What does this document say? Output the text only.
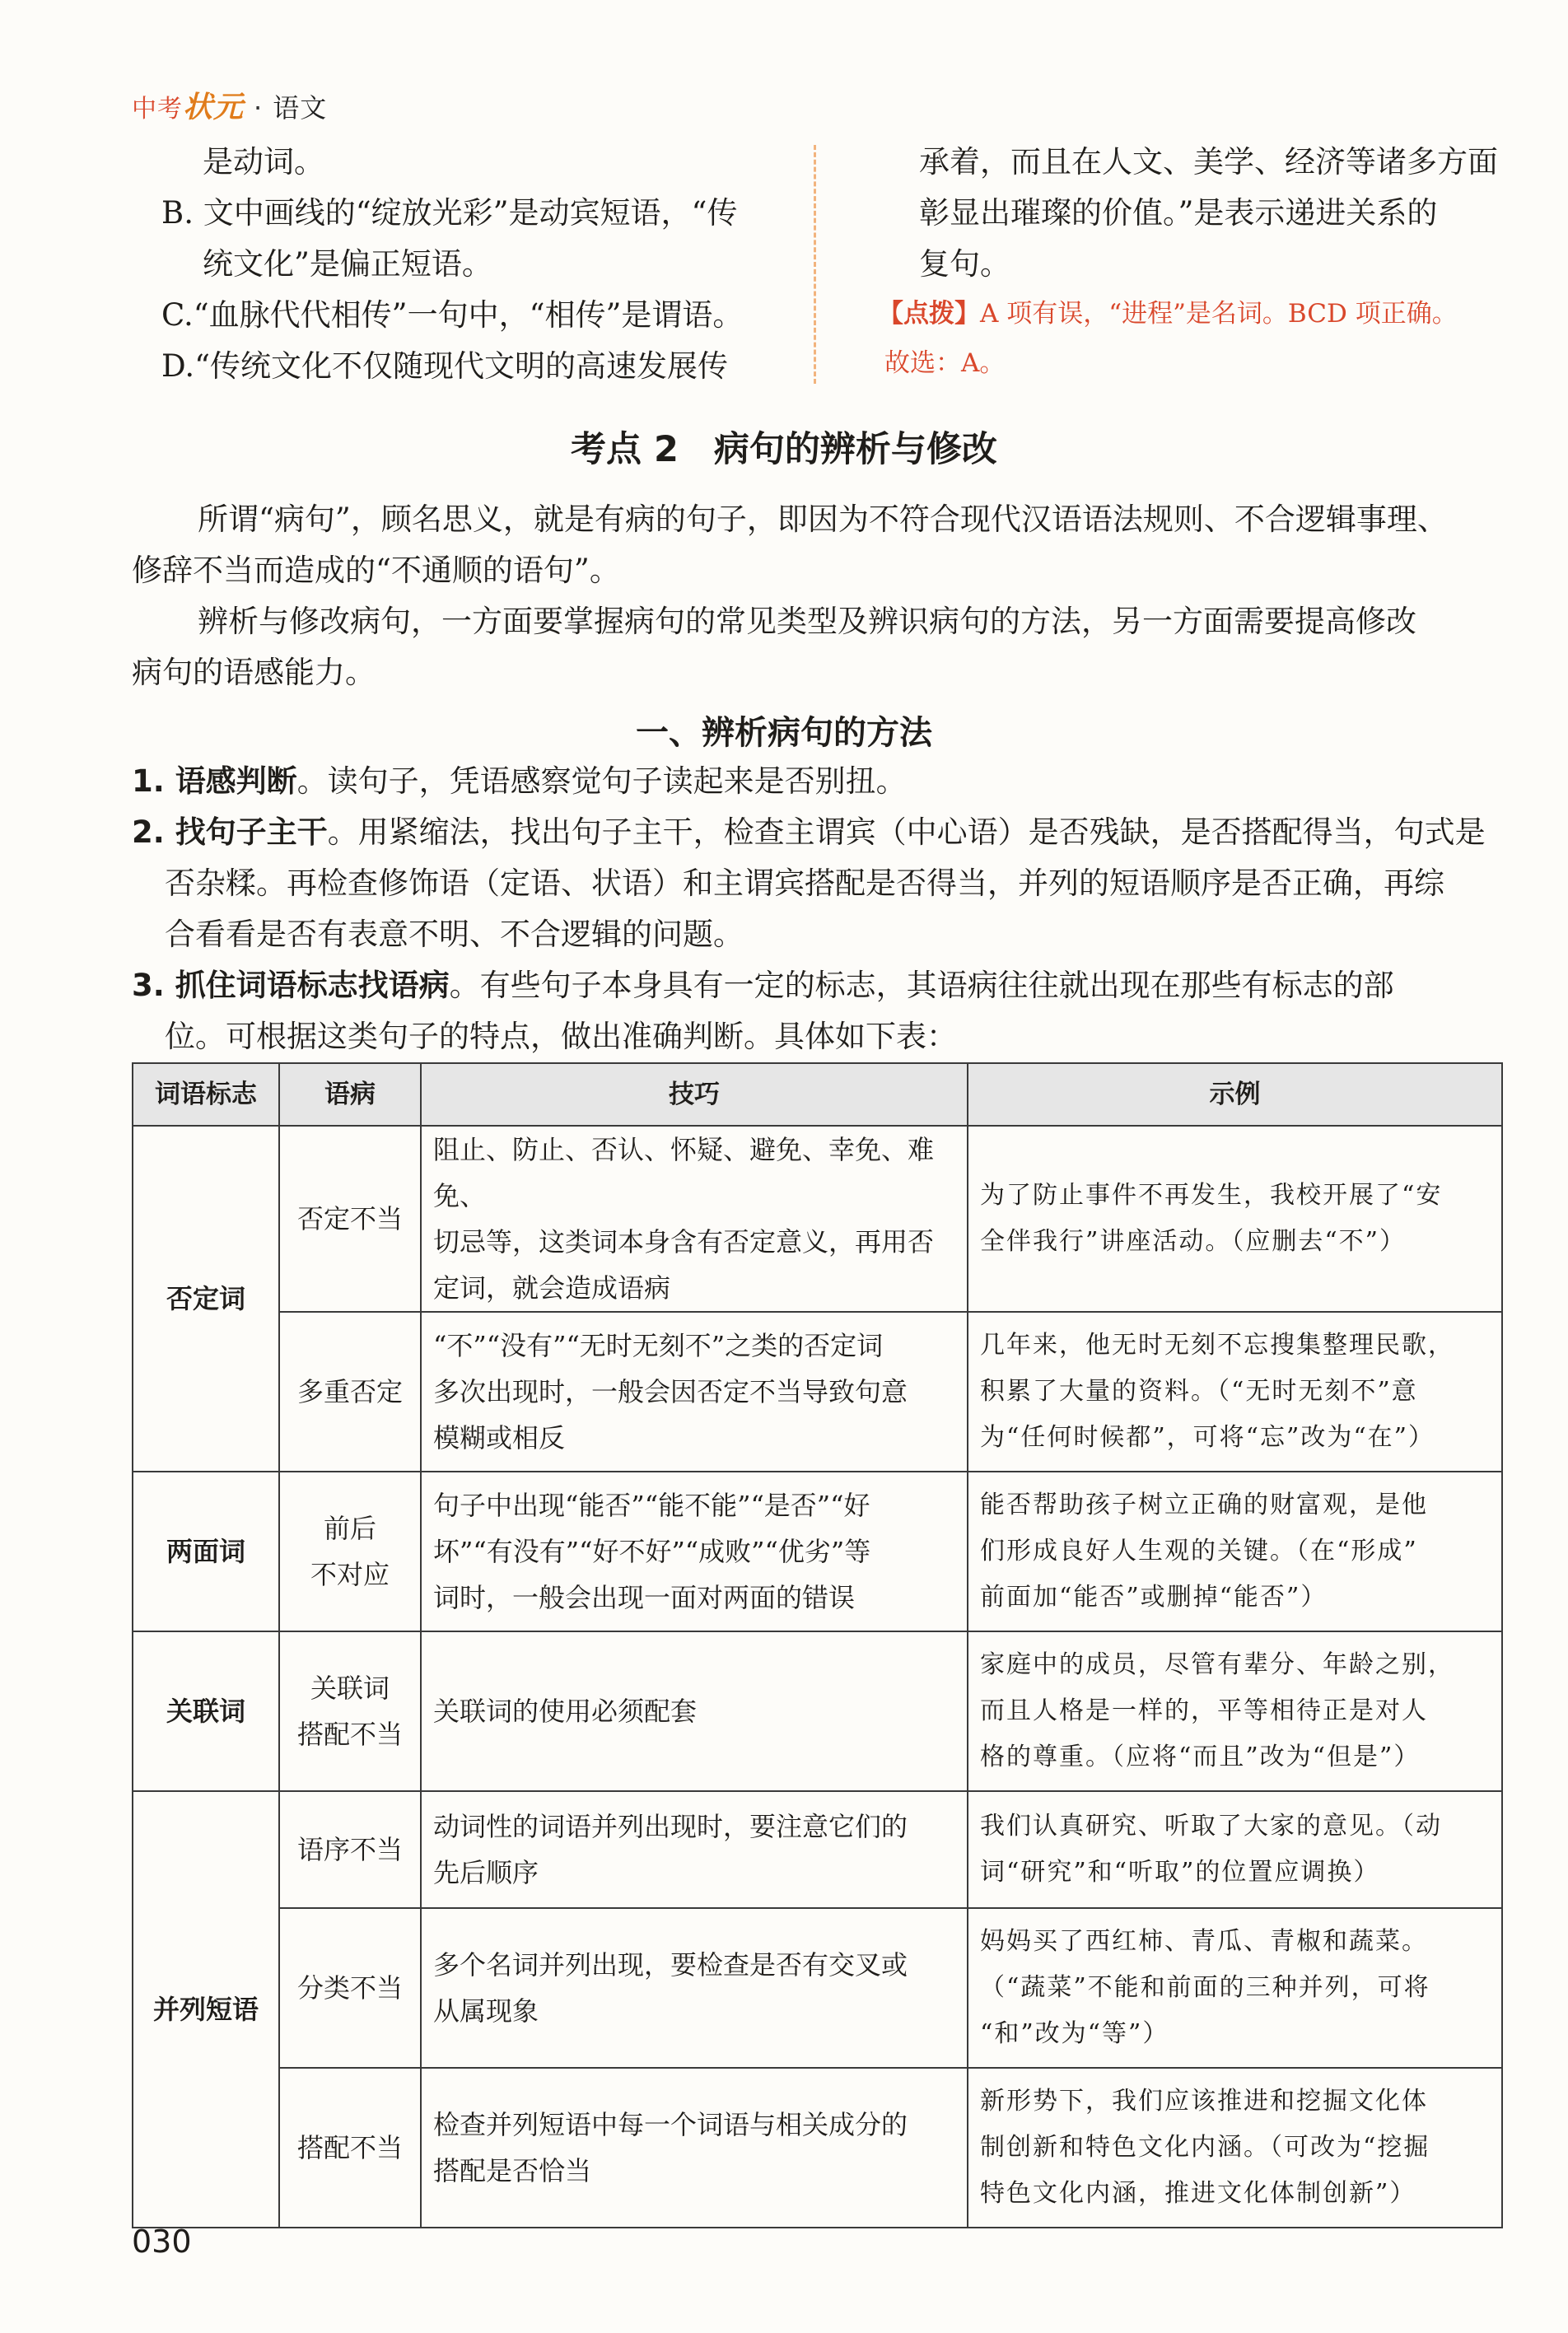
中考状元 · 语文
是动词。
B. 文中画线的“绽放光彩”是动宾短语，“传
统文化”是偏正短语。
C.“血脉代代相传”一句中，“相传”是谓语。
D.“传统文化不仅随现代文明的高速发展传
承着，而且在人文、美学、经济等诸多方面
彰显出璀璨的价值。”是表示递进关系的
复句。
【点拨】A 项有误，“进程”是名词。BCD 项正确。
故选：A。
考点 2　病句的辨析与修改
所谓“病句”，顾名思义，就是有病的句子，即因为不符合现代汉语语法规则、不合逻辑事理、
修辞不当而造成的“不通顺的语句”。
辨析与修改病句，一方面要掌握病句的常见类型及辨识病句的方法，另一方面需要提高修改
病句的语感能力。
一、辨析病句的方法
1. 语感判断。读句子，凭语感察觉句子读起来是否别扭。
2. 找句子主干。用紧缩法，找出句子主干，检查主谓宾（中心语）是否残缺，是否搭配得当，句式是
否杂糅。再检查修饰语（定语、状语）和主谓宾搭配是否得当，并列的短语顺序是否正确，再综
合看看是否有表意不明、不合逻辑的问题。
3. 抓住词语标志找语病。有些句子本身具有一定的标志，其语病往往就出现在那些有标志的部
位。可根据这类句子的特点，做出准确判断。具体如下表：
词语标志	语病	技巧	示例
否定词	否定不当	阻止、防止、否认、怀疑、避免、幸免、难免、
切忌等，这类词本身含有否定意义，再用否
定词，就会造成语病	为了防止事件不再发生，我校开展了“安
全伴我行”讲座活动。（应删去“不”）
	多重否定	“不”“没有”“无时无刻不”之类的否定词
多次出现时，一般会因否定不当导致句意
模糊或相反	几年来，他无时无刻不忘搜集整理民歌，
积累了大量的资料。（“无时无刻不”意
为“任何时候都”，可将“忘”改为“在”）
两面词	前后
不对应	句子中出现“能否”“能不能”“是否”“好
坏”“有没有”“好不好”“成败”“优劣”等
词时，一般会出现一面对两面的错误	能否帮助孩子树立正确的财富观，是他
们形成良好人生观的关键。（在“形成”
前面加“能否”或删掉“能否”）
关联词	关联词
搭配不当	关联词的使用必须配套	家庭中的成员，尽管有辈分、年龄之别，
而且人格是一样的，平等相待正是对人
格的尊重。（应将“而且”改为“但是”）
并列短语	语序不当	动词性的词语并列出现时，要注意它们的
先后顺序	我们认真研究、听取了大家的意见。（动
词“研究”和“听取”的位置应调换）
	分类不当	多个名词并列出现，要检查是否有交叉或
从属现象	妈妈买了西红柿、青瓜、青椒和蔬菜。
（“蔬菜”不能和前面的三种并列，可将
“和”改为“等”）
	搭配不当	检查并列短语中每一个词语与相关成分的
搭配是否恰当	新形势下，我们应该推进和挖掘文化体
制创新和特色文化内涵。（可改为“挖掘
特色文化内涵，推进文化体制创新”）
030
